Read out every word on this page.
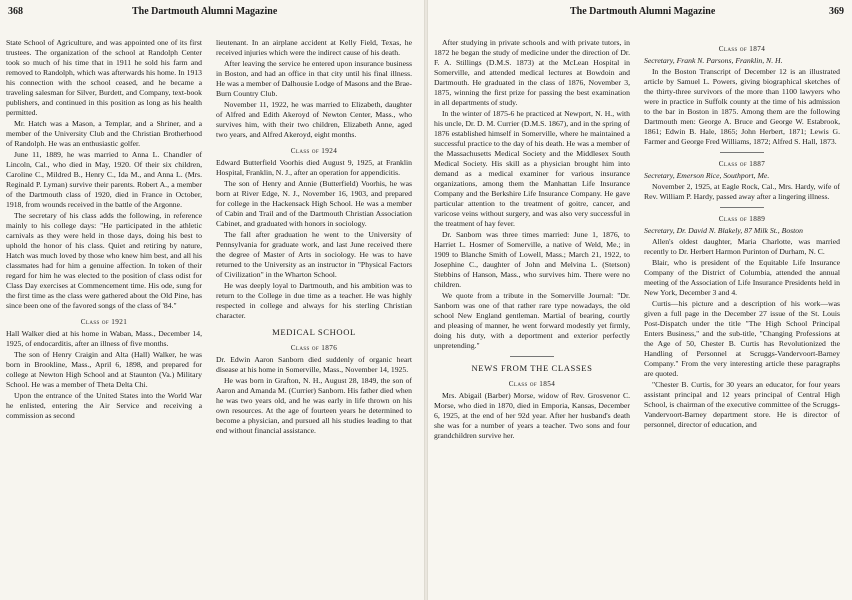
368	The Dartmouth Alumni Magazine

State School of Agriculture, and was appointed one of its first trustees. The organization of the school at Randolph Center took so much of his time that in 1911 he sold his farm and removed to Randolph, which was afterwards his home. In 1913 his connection with the school ceased, and he became a traveling salesman for Silver, Burdett, and Company, text-book publishers, and continued in this position as long as his health permitted.

Mr. Hatch was a Mason, a Templar, and a Shriner, and a member of the University Club and the Christian Brotherhood of Randolph. He was an enthusiastic golfer.

June 11, 1889, he was married to Anna L. Chandler of Lincoln, Cal., who died in May, 1920. Of their six children, Caroline C., Mildred B., Henry C., Ida M., and Anna L. (Mrs. Reginald P. Lyman) survive their parents. Robert A., a member of the Dartmouth class of 1920, died in France in October, 1918, from wounds received in the battle of the Argonne.

The secretary of his class adds the following, in reference mainly to his college days: "He participated in the athletic carnivals as they were held in those days, doing his best to uphold the honor of his class. Quiet and retiring by nature, Hatch was much loved by those who knew him best, and all his classmates had for him a genuine affection. In token of their regard for him he was elected to the position of class odist for Class Day exercises at Commencement time. His ode, sung for the first time as the class were gathered about the Old Pine, has since been one of the favored songs of the class of '84."

Class of 1921

Hall Walker died at his home in Waban, Mass., December 14, 1925, of endocarditis, after an illness of five months.

The son of Henry Craigin and Alta (Hall) Walker, he was born in Brookline, Mass., April 6, 1898, and prepared for college at Newton High School and at Staunton (Va.) Military School. He was a member of Theta Delta Chi.

Upon the entrance of the United States into the World War he enlisted, entering the Air Service and receiving a commission as second

lieutenant. In an airplane accident at Kelly Field, Texas, he received injuries which were the indirect cause of his death.

After leaving the service he entered upon insurance business in Boston, and had an office in that city until his final illness. He was a member of Dalhousie Lodge of Masons and the Brae-Burn Country Club.

November 11, 1922, he was married to Elizabeth, daughter of Alfred and Edith Akeroyd of Newton Center, Mass., who survives him, with their two children, Elizabeth Anne, aged two years, and Alfred Akeroyd, eight months.

Class of 1924

Edward Butterfield Voorhis died August 9, 1925, at Franklin Hospital, Franklin, N. J., after an operation for appendicitis.

The son of Henry and Annie (Butterfield) Voorhis, he was born at River Edge, N. J., November 16, 1903, and prepared for college in the Hackensack High School. He was a member of Cabin and Trail and of the Dartmouth Christian Association Cabinet, and graduated with honors in sociology.

The fall after graduation he went to the University of Pennsylvania for graduate work, and last June received there the degree of Master of Arts in sociology. He was to have returned to the University as an instructor in "Physical Factors of Civilization" in the Wharton School.

He was deeply loyal to Dartmouth, and his ambition was to return to the College in due time as a teacher. He was highly respected in college and always for his sterling Christian character.

MEDICAL SCHOOL
Class of 1876

Dr. Edwin Aaron Sanborn died suddenly of organic heart disease at his home in Somerville, Mass., November 14, 1925.

He was born in Grafton, N. H., August 28, 1849, the son of Aaron and Amanda M. (Currier) Sanborn. His father died when he was two years old, and he was early in life thrown on his own resources. At the age of fourteen years he determined to become a physician, and pursued all his studies leading to that end without financial assistance.

The Dartmouth Alumni Magazine	369

After studying in private schools and with private tutors, in 1872 he began the study of medicine under the direction of Dr. F. A. Stillings (D.M.S. 1873) at the McLean Hospital in Somerville, and attended medical lectures at Bowdoin and Dartmouth. He graduated in the class of 1876, November 3, 1875, winning the first prize for passing the best examination in all departments of study.

In the winter of 1875-6 he practiced at Newport, N. H., with his uncle, Dr. D. M. Currier (D.M.S. 1867), and in the spring of 1876 established himself in Somerville, where he maintained a successful practice to the day of his death. He was a member of the Massachusetts Medical Society and the Middlesex South Medical Society. His skill as a physician brought him into demand as a medical examiner for various insurance organizations, among them the Manhattan Life Insurance Company and the Berkshire Life Insurance Company. He gave particular attention to the treatment of goitre, cancer, and varicose veins without surgery, and was also very successful in the treatment of hay fever.

Dr. Sanborn was three times married: June 1, 1876, to Harriet L. Hosmer of Somerville, a native of Weld, Me.; in 1909 to Blanche Smith of Lowell, Mass.; March 21, 1922, to Josephine C., daughter of John and Melvina L. (Stetson) Stebbins of Hanson, Mass., who survives him. There were no children.

We quote from a tribute in the Somerville Journal: "Dr. Sanborn was one of that rather rare type nowadays, the old school New England gentleman. Martial of bearing, courtly and pleasing of manner, he went forward modestly yet firmly, doing his duty, with a deportment and exterior perfectly unpretending."

NEWS FROM THE CLASSES
Class of 1854

Mrs. Abigail (Barber) Morse, widow of Rev. Grosvenor C. Morse, who died in 1870, died in Emporia, Kansas, December 6, 1925, at the end of her 92d year. After her husband's death she was for a number of years a teacher. Two sons and four grandchildren survive her.

Class of 1874

Secretary, Frank N. Parsons, Franklin, N. H.

In the Boston Transcript of December 12 is an illustrated article by Samuel L. Powers, giving biographical sketches of the thirty-three survivors of the more than 1100 lawyers who were in practice in Suffolk county at the time of his admission to the bar in Boston in 1875. Among them are the following Dartmouth men: George A. Bruce and George W. Estabrook, 1861; Edwin B. Hale, 1865; John Herbert, 1871; Lewis G. Farmer and George Fred Williams, 1872; Alfred S. Hall, 1873.

Class of 1887

Secretary, Emerson Rice, Southport, Me.

November 2, 1925, at Eagle Rock, Cal., Mrs. Hardy, wife of Rev. William P. Hardy, passed away after a lingering illness.

Class of 1889

Secretary, Dr. David N. Blakely, 87 Milk St., Boston

Allen's oldest daughter, Maria Charlotte, was married recently to Dr. Herbert Harmon Purinton of Durham, N. C.

Blair, who is president of the Equitable Life Insurance Company of the District of Columbia, attended the annual meeting of the Association of Life Insurance Presidents held in New York, December 3 and 4.

Curtis—his picture and a description of his work—was given a full page in the December 27 issue of the St. Louis Post-Dispatch under the title "The High School Principal Enters Business," and the sub-title, "Changing Professions at the Age of 50, Chester B. Curtis has Revolutionized the Handling of Personnel at Scruggs-Vandervoort-Barney Company." From the very interesting article these paragraphs are quoted.

"Chester B. Curtis, for 30 years an educator, for four years assistant principal and 12 years principal of Central High School, is chairman of the executive committee of the Scruggs-Vandervoort-Barney department store. He is director of personnel, director of education, and
